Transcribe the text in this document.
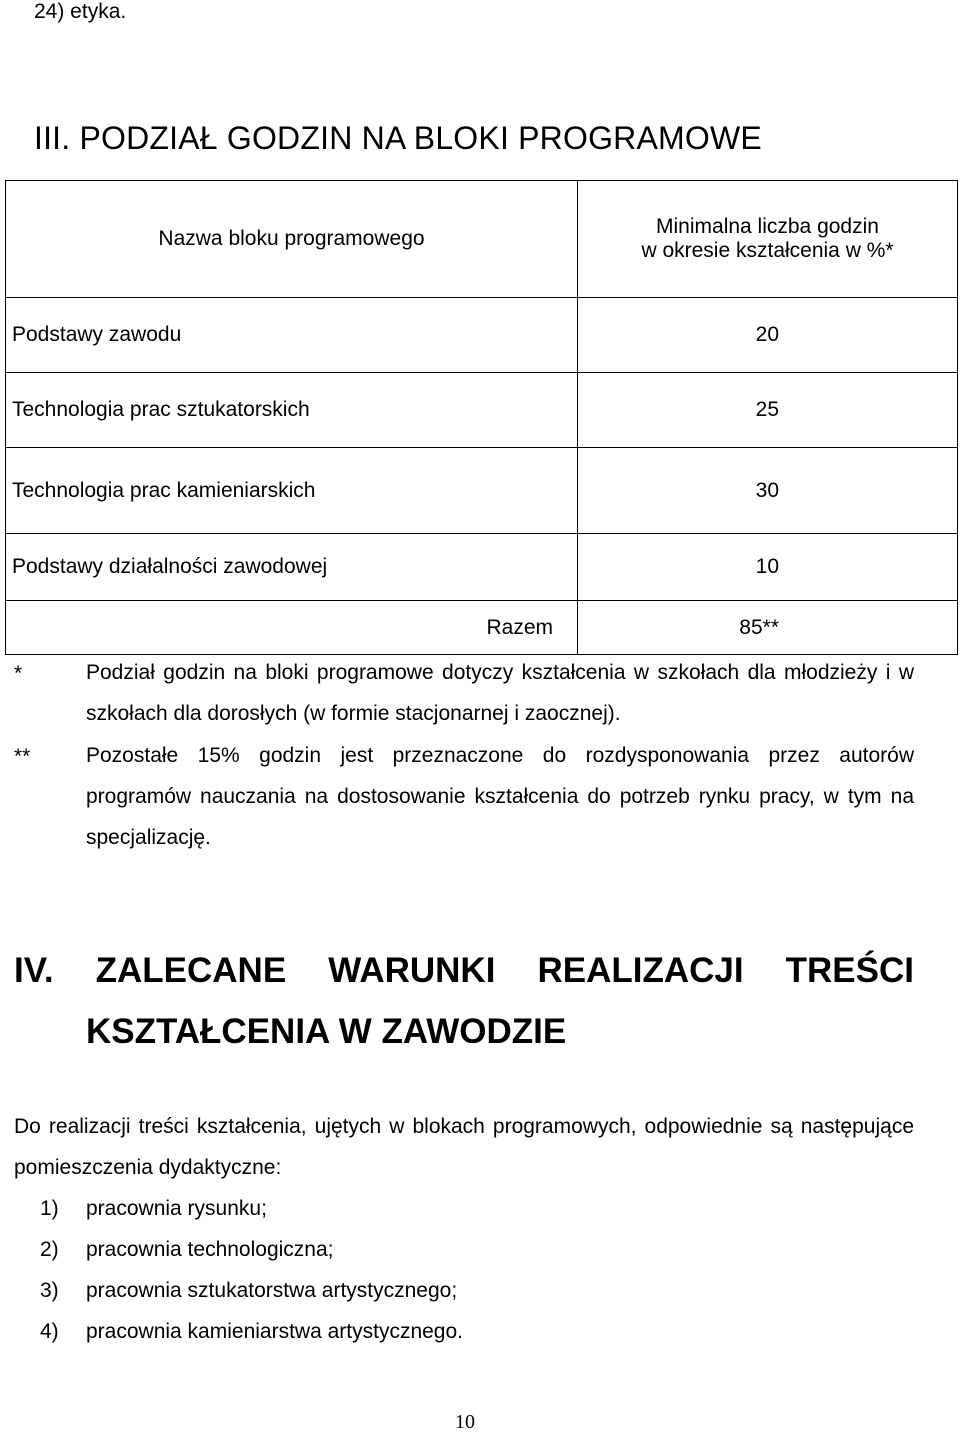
24) etyka.
III. PODZIAŁ GODZIN NA BLOKI PROGRAMOWE
Nazwa bloku programowego	Minimalna liczba godzin
w okresie kształcenia w %*

Podstawy zawodu	20
Technologia prac sztukatorskich	25
Technologia prac kamieniarskich	30
Podstawy działalności zawodowej	10
Razem	85**
*	Podział godzin na bloki programowe dotyczy kształcenia w szkołach dla młodzieży i w szkołach dla dorosłych (w formie stacjonarnej i zaocznej).
**	Pozostałe 15% godzin jest przeznaczone do rozdysponowania przez autorów programów nauczania na dostosowanie kształcenia do potrzeb rynku pracy, w tym na specjalizację.
IV. ZALECANE WARUNKI REALIZACJI TREŚCI
KSZTAŁCENIA W ZAWODZIE
Do realizacji treści kształcenia, ujętych w blokach programowych, odpowiednie są następujące pomieszczenia dydaktyczne:
1) pracownia rysunku;
2) pracownia technologiczna;
3) pracownia sztukatorstwa artystycznego;
4) pracownia kamieniarstwa artystycznego.
10
